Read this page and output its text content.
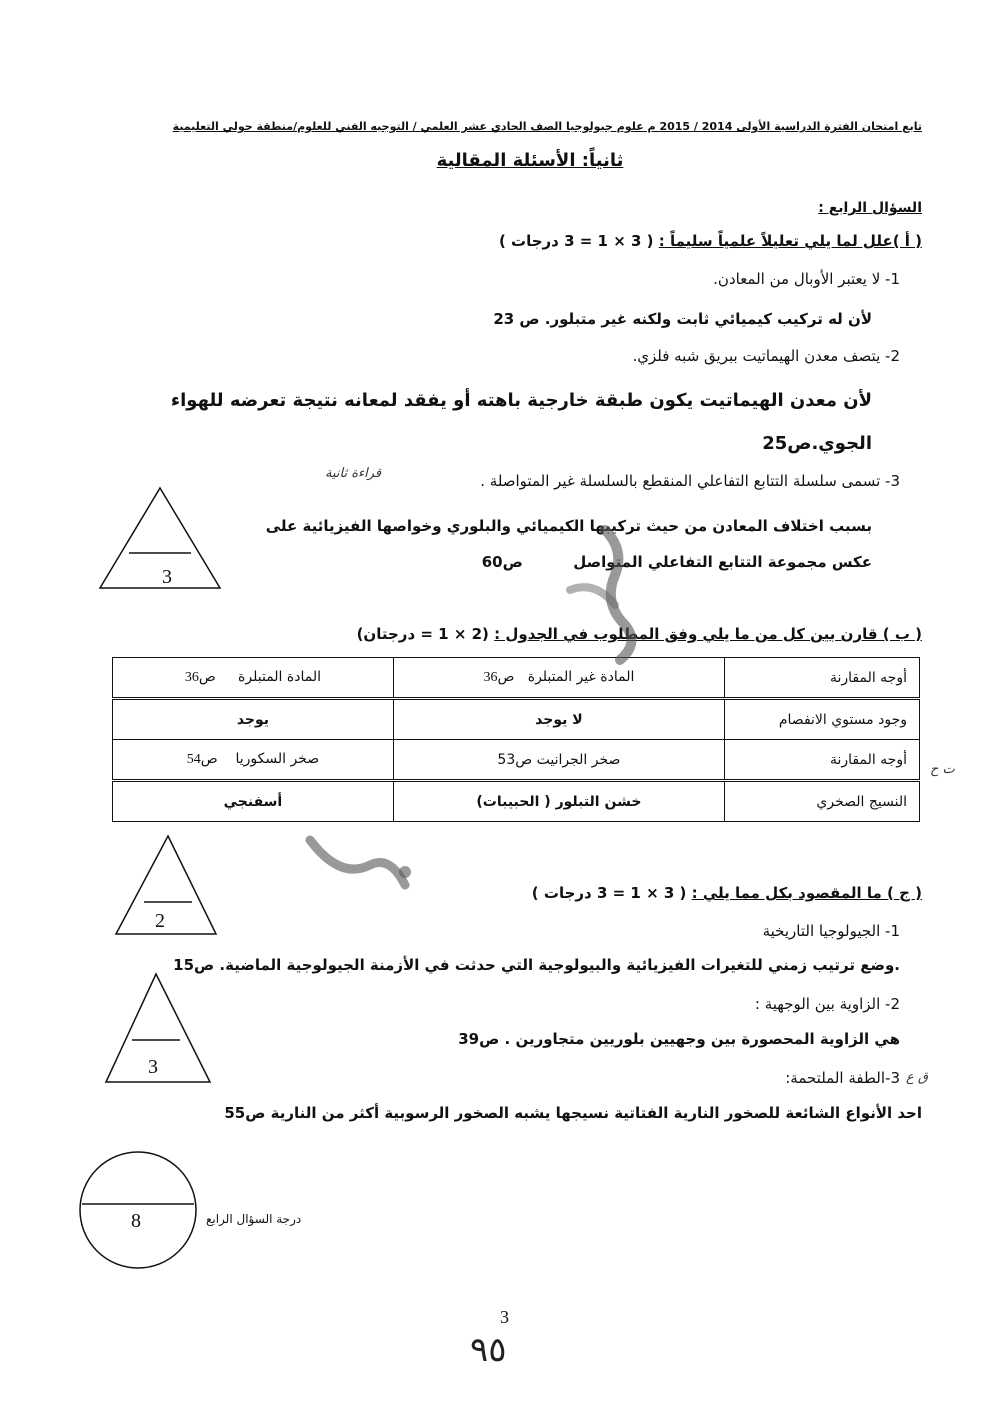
تابع امتحان الفترة الدراسية الأولى 2014 / 2015 م علوم جيولوجيا الصف الحادي عشر العلمي / التوجيه الفني للعلوم/منطقة حولي التعليمية
ثانياً: الأسئلة المقالية
السؤال الرابع :
( أ )علل لما يلي تعليلاً علمياً سليماً : ( 3 × 1 = 3 درجات )
1- لا يعتبر الأوبال من المعادن.
لأن له تركيب كيميائي ثابت ولكنه غير متبلور. ص 23
2- يتصف معدن الهيماتيت ببريق شبه فلزي.
لأن معدن الهيماتيت يكون طبقة خارجية باهته أو يفقد لمعانه نتيجة تعرضه للهواء
الجوي.ص25
3- تسمى سلسلة التتابع التفاعلي المنقطع بالسلسلة غير المتواصلة .
قراءة ثانية
بسبب اختلاف المعادن من حيث تركيبها الكيميائي والبلوري وخواصها الفيزيائية على
عكس مجموعة التتابع التفاعلي المتواصل  ص60
3
( ب ) قارن بين كل من ما يلي وفق المطلوب في الجدول : (2 × 1 = درجتان)
أوجه المقارنة	المادة غير المتبلرة   ص36	المادة المتبلرة     ص36
وجود مستوي الانفصام	لا يوجد	يوجد
أوجه المقارنة	صخر الجرانيت ص53	صخر السكوريا    ص54
النسيج الصخري	خشن التبلور ( الحبيبات)	أسفنجي
ت ح
2
( ج ) ما المقصود بكل مما يلي : ( 3 × 1 = 3 درجات )
1- الجيولوجيا التاريخية
.وضع ترتيب زمني للتغيرات الفيزيائية والبيولوجية التي حدثت في الأزمنة الجيولوجية الماضية. ص15
2- الزاوية بين الوجهية :
هي الزاوية المحصورة بين وجهيين بلوريين متجاورين . ص39
3-الطفة الملتحمة: ق ع
احد الأنواع الشائعة للصخور النارية الفتاتية نسيجها يشبه الصخور الرسوبية أكثر من النارية ص55
3
8	درجة السؤال الرابع
3
٩٥
